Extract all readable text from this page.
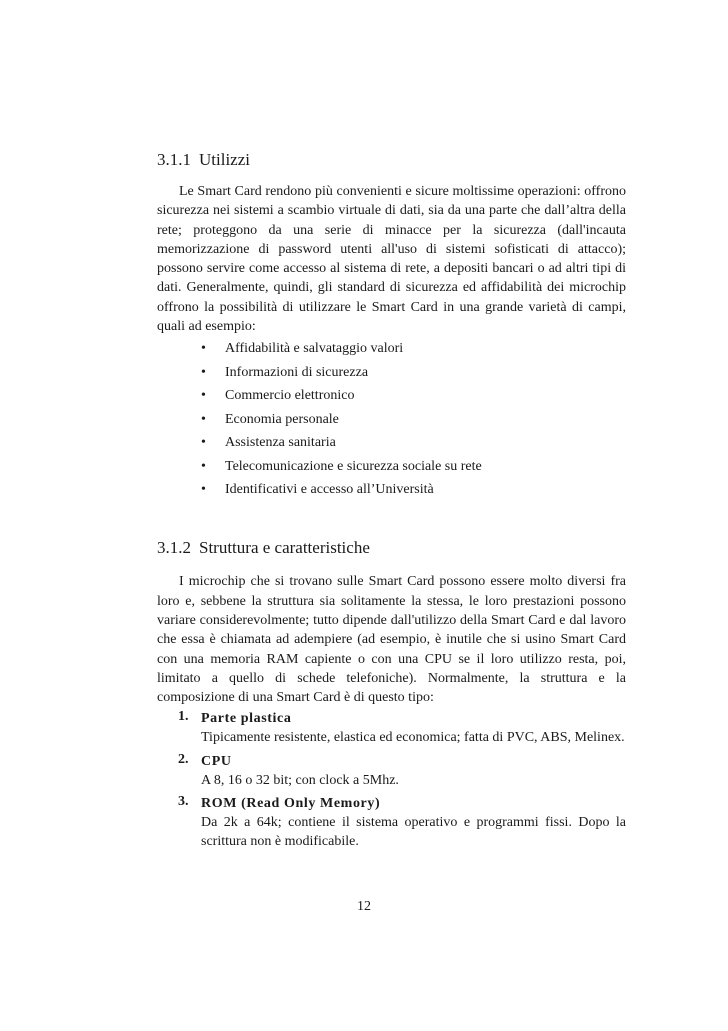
3.1.1 Utilizzi

Le Smart Card rendono più convenienti e sicure moltissime operazioni: offrono sicurezza nei sistemi a scambio virtuale di dati, sia da una parte che dall’altra della rete; proteggono da una serie di minacce per la sicurezza (dall'incauta memorizzazione di password utenti all'uso di sistemi sofisticati di attacco); possono servire come accesso al sistema di rete, a depositi bancari o ad altri tipi di dati. Generalmente, quindi, gli standard di sicurezza ed affidabilità dei microchip offrono la possibilità di utilizzare le Smart Card in una grande varietà di campi, quali ad esempio:

• Affidabilità e salvataggio valori
• Informazioni di sicurezza
• Commercio elettronico
• Economia personale
• Assistenza sanitaria
• Telecomunicazione e sicurezza sociale su rete
• Identificativi e accesso all’Università
3.1.2 Struttura e caratteristiche

I microchip che si trovano sulle Smart Card possono essere molto diversi fra loro e, sebbene la struttura sia solitamente la stessa, le loro prestazioni possono variare considerevolmente; tutto dipende dall'utilizzo della Smart Card e dal lavoro che essa è chiamata ad adempiere (ad esempio, è inutile che si usino Smart Card con una memoria RAM capiente o con una CPU se il loro utilizzo resta, poi, limitato a quello di schede telefoniche). Normalmente, la struttura e la composizione di una Smart Card è di questo tipo:

1. Parte plastica
Tipicamente resistente, elastica ed economica; fatta di PVC, ABS, Melinex.
2. CPU
A 8, 16 o 32 bit; con clock a 5Mhz.
3. ROM (Read Only Memory)
Da 2k a 64k; contiene il sistema operativo e programmi fissi. Dopo la scrittura non è modificabile.
12
